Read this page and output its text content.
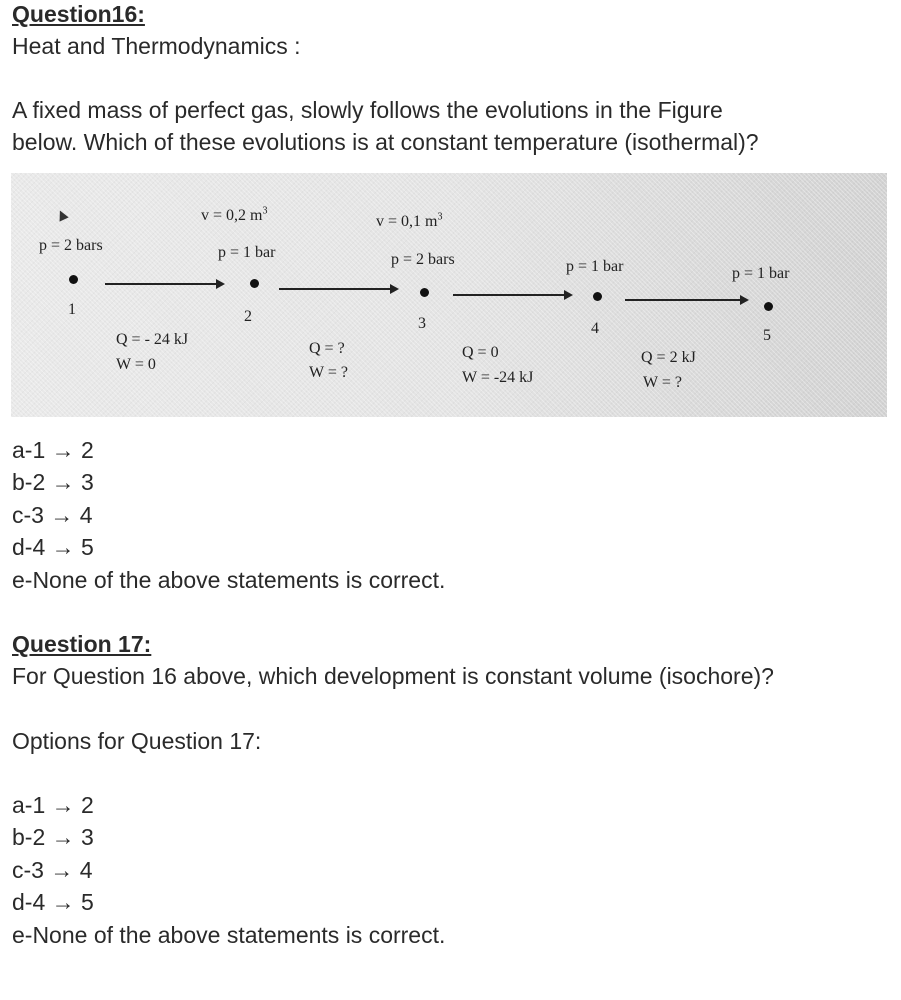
Question16:
Heat and Thermodynamics :
A fixed mass of perfect gas, slowly follows the evolutions in the Figure
below. Which of these evolutions is at constant temperature (isothermal)?
p = 2 bars
1
Q = - 24 kJ
W = 0
v = 0,2 $m^3$
p = 1 bar
2
Q = ?
W = ?
v = 0,1 $m^3$
p = 2 bars
3
Q = 0
W = -24 kJ
p = 1 bar
4
Q = 2 kJ
W = ?
p = 1 bar
5
a-1 → 2
b-2 → 3
c-3 → 4
d-4 → 5
e-None of the above statements is correct.
Question 17:
For Question 16 above, which development is constant volume (isochore)?
Options for Question 17:
a-1 → 2
b-2 → 3
c-3 → 4
d-4 → 5
e-None of the above statements is correct.
